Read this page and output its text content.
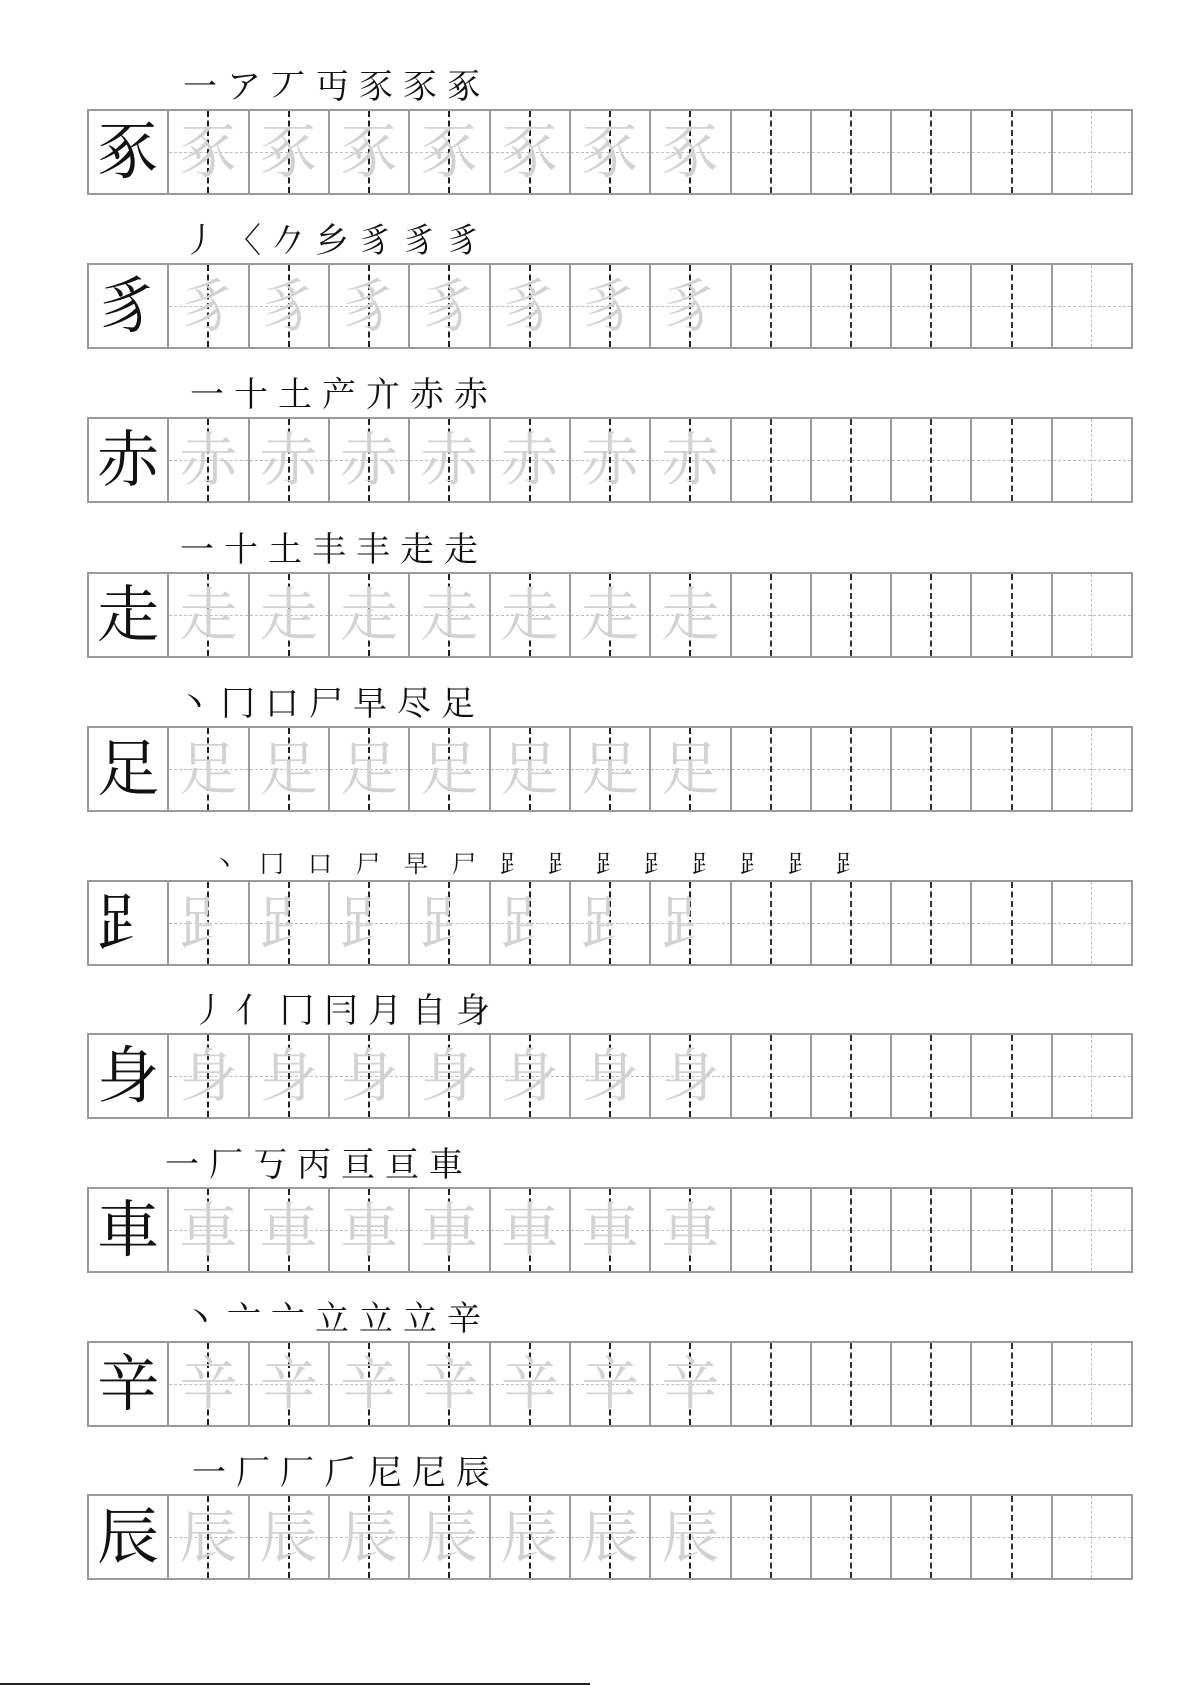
一 ア 丆 丏 豕 豕 豖
豖 豖 豖 豖 豖 豖 豖 豖
丿 〈 𠂊 乡 豸 豸 豸
豸 豸 豸 豸 豸 豸 豸 豸
一 十 土 产 亣 赤 赤
赤 赤 赤 赤 赤 赤 赤 赤
一 十 土 丰 丰 走 走
走 走 走 走 走 走 走 走
丶 冂 口 尸 早 尽 足
足 足 足 足 足 足 足 足
丶	冂	口	尸	早	尸	𧾷	𧾷	𧾷	𧾷	𧾷	𧾷	𧾷	𧾷
𧾷 𧾷 𧾷 𧾷 𧾷 𧾷 𧾷 𧾷
丿 亻 冂 冃 月 自 身
身 身 身 身 身 身 身 身
一 厂 丂 丙 亘 亘 車
車 車 車 車 車 車 車 車
丶 亠 亠 立 立 立 辛
辛 辛 辛 辛 辛 辛 辛 辛
一 厂 厂 𠂆 尼 尼 辰
辰 辰 辰 辰 辰 辰 辰 辰
